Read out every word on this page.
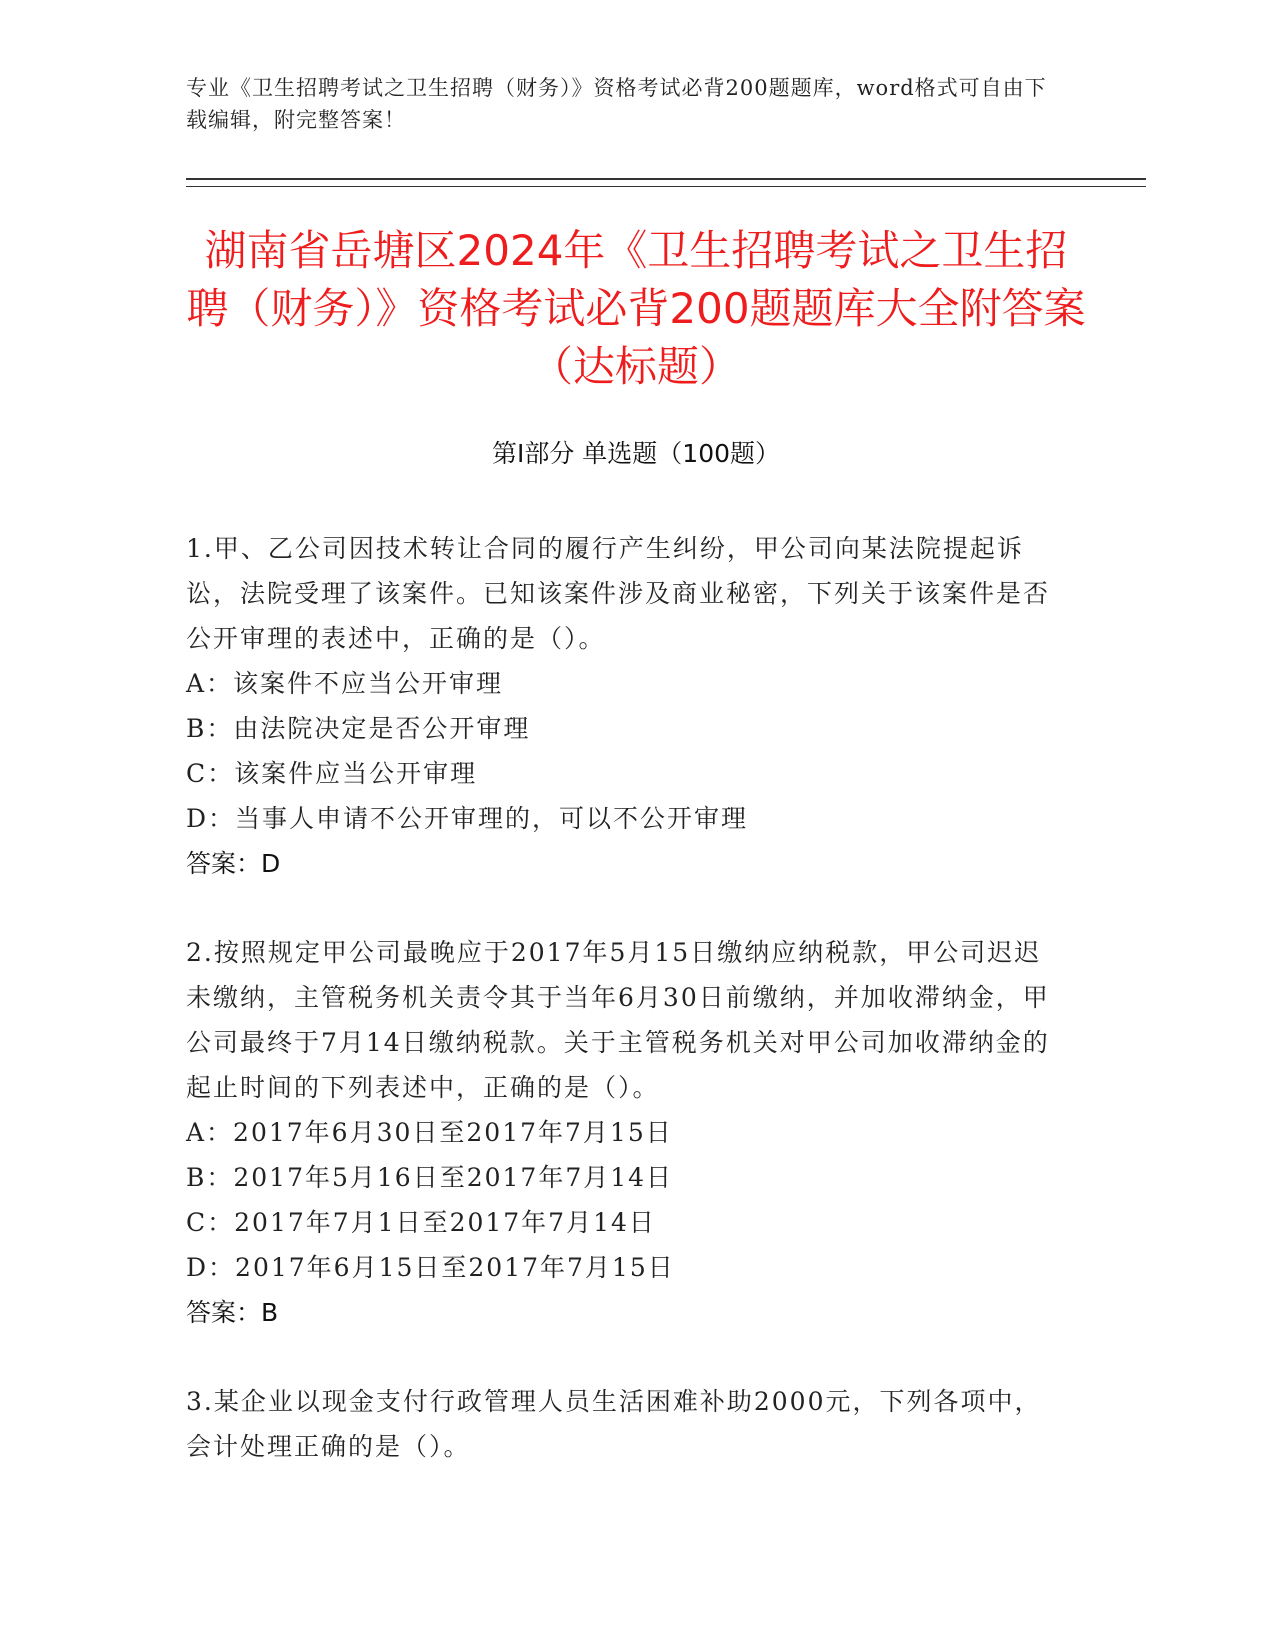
专业《卫生招聘考试之卫生招聘（财务）》资格考试必背200题题库，word格式可自由下载编辑，附完整答案！
湖南省岳塘区2024年《卫生招聘考试之卫生招聘（财务）》资格考试必背200题题库大全附答案（达标题）
第Ⅰ部分 单选题（100题）
1.甲、乙公司因技术转让合同的履行产生纠纷，甲公司向某法院提起诉讼，法院受理了该案件。已知该案件涉及商业秘密，下列关于该案件是否公开审理的表述中，正确的是（）。
A：该案件不应当公开审理
B：由法院决定是否公开审理
C：该案件应当公开审理
D：当事人申请不公开审理的，可以不公开审理
答案：D
2.按照规定甲公司最晚应于2017年5月15日缴纳应纳税款，甲公司迟迟未缴纳，主管税务机关责令其于当年6月30日前缴纳，并加收滞纳金，甲公司最终于7月14日缴纳税款。关于主管税务机关对甲公司加收滞纳金的起止时间的下列表述中，正确的是（）。
A：2017年6月30日至2017年7月15日
B：2017年5月16日至2017年7月14日
C：2017年7月1日至2017年7月14日
D：2017年6月15日至2017年7月15日
答案：B
3.某企业以现金支付行政管理人员生活困难补助2000元，下列各项中，会计处理正确的是（）。
